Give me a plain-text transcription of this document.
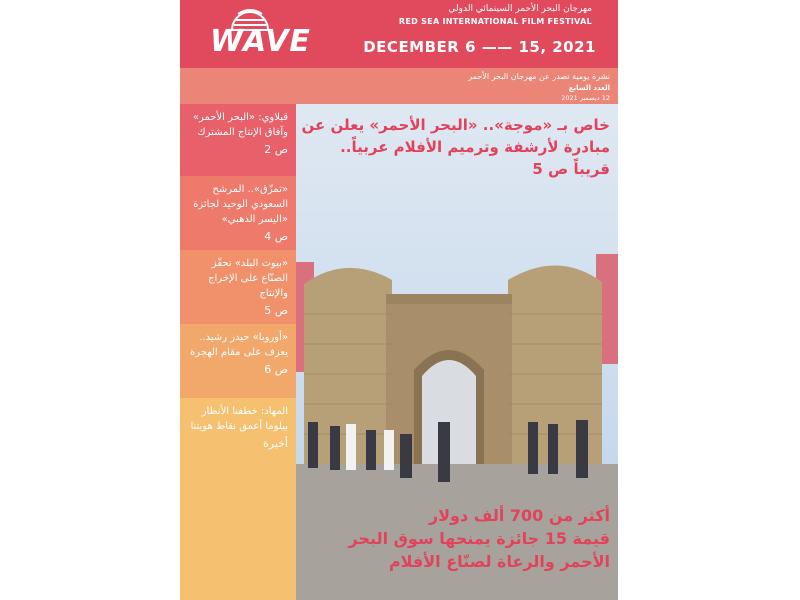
WAVE
مهرجان البحر الأحمر السينمائي الدولي
RED SEA INTERNATIONAL FILM FESTIVAL
DECEMBER 6 —— 15, 2021
نشرة يومية تصدر عن مهرجان البحر الأحمر
العدد السابع
12 ديسمبر 2021
قبلاوي: «البحر الأحمر» وآفاق الإنتاج المشترك
ص 2
«تمزّق».. المرشح السعودي الوحيد لجائزة «اليسر الذهبي»
ص 4
«بيوت البلد» تحفّز الصنّاع على الإخراج والإنتاج
ص 5
«أوروبا» حيدر رشيد.. يعزف على مقام الهجرة
ص 6
المهاد: خطفنا الأنظار بيلوما أعمق نقاط هويتنا
أخيرة
خاص بـ «موجة».. «البحر الأحمر» يعلن عن مبادرة لأرشفة وترميم الأفلام عربياً.. قريباً ص 5
أكثر من 700 ألف دولار
قيمة 15 جائزة يمنحها سوق البحر
الأحمر والرعاة لصنّاع الأفلام
